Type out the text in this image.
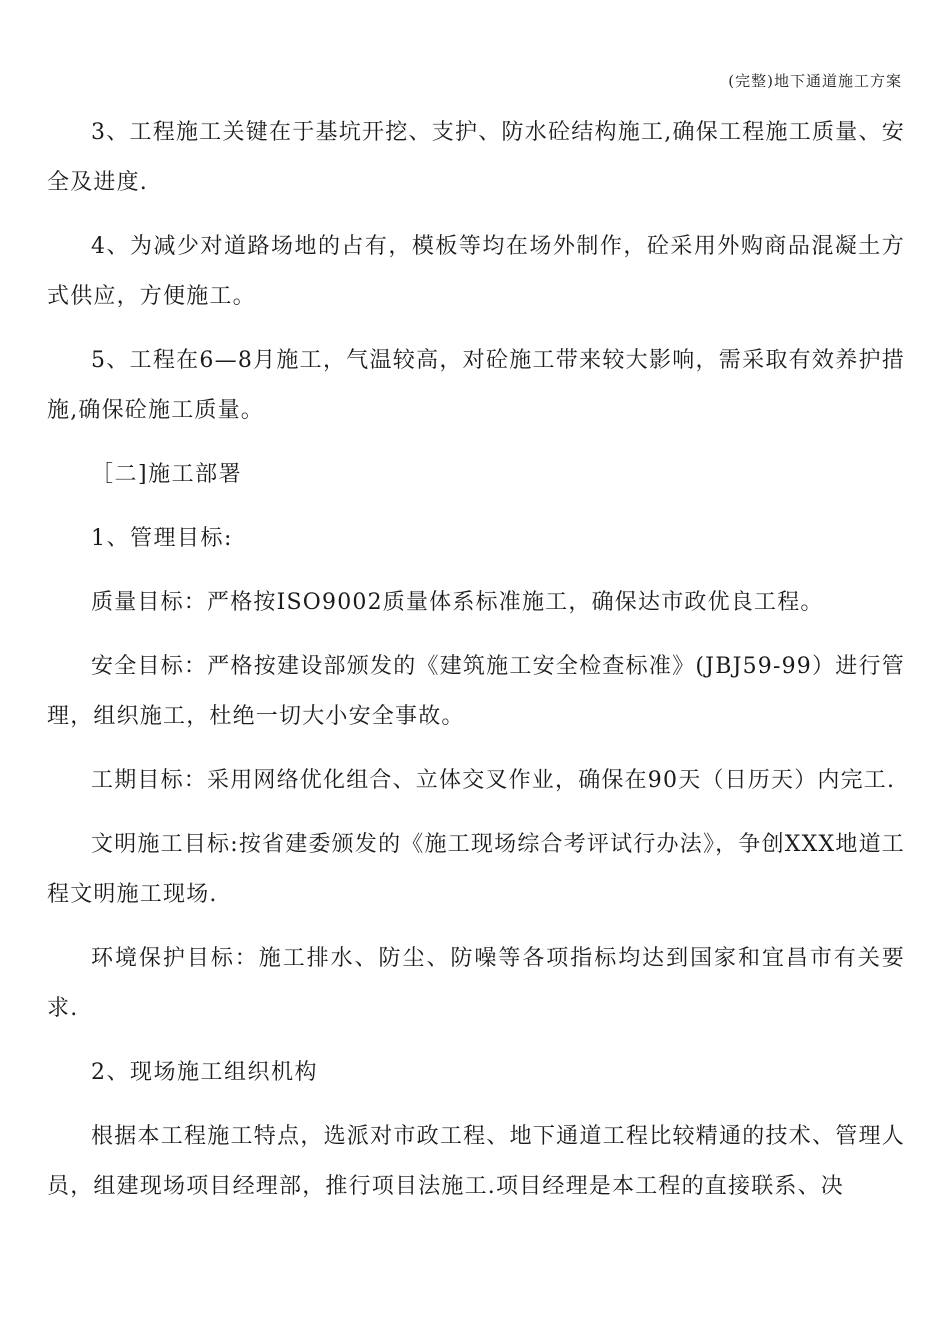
(完整)地下通道施工方案

3、工程施工关键在于基坑开挖、支护、防水砼结构施工,确保工程施工质量、安全及进度.

4、为减少对道路场地的占有，模板等均在场外制作，砼采用外购商品混凝土方式供应，方便施工。

5、工程在6—8月施工，气温较高，对砼施工带来较大影响，需采取有效养护措施,确保砼施工质量。

［二]施工部署

1、管理目标:

质量目标：严格按ISO9002质量体系标准施工，确保达市政优良工程。

安全目标：严格按建设部颁发的《建筑施工安全检查标准》(JBJ59-99）进行管理，组织施工，杜绝一切大小安全事故。

工期目标：采用网络优化组合、立体交叉作业，确保在90天（日历天）内完工.

文明施工目标:按省建委颁发的《施工现场综合考评试行办法》，争创XXX地道工程文明施工现场.

环境保护目标：施工排水、防尘、防噪等各项指标均达到国家和宜昌市有关要求.

2、现场施工组织机构

根据本工程施工特点，选派对市政工程、地下通道工程比较精通的技术、管理人员，组建现场项目经理部，推行项目法施工.项目经理是本工程的直接联系、决
